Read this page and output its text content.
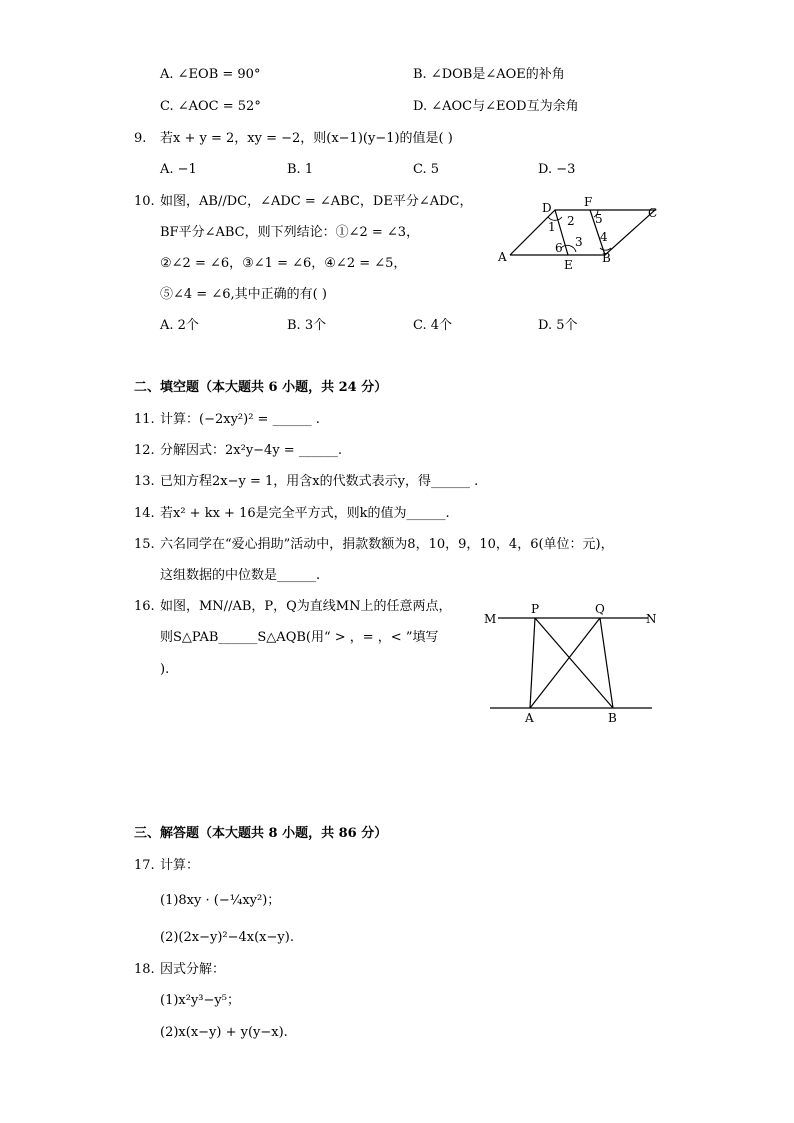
A. ∠EOB = 90°	B. ∠DOB是∠AOE的补角
C. ∠AOC = 52°	D. ∠AOC与∠EOD互为余角
9. 若x + y = 2，xy = −2，则(x−1)(y−1)的值是( )
A. −1	B. 1	C. 5	D. −3
10. 如图，AB//DC，∠ADC = ∠ABC，DE平分∠ADC，
BF平分∠ABC，则下列结论：①∠2 = ∠3，
②∠2 = ∠6，③∠1 = ∠6，④∠2 = ∠5，
⑤∠4 = ∠6,其中正确的有( )
A. 2个	B. 3个	C. 4个	D. 5个
D	F
C
A
E B
1 2
3 4
5
6
二、填空题（本大题共 6 小题，共 24 分）
11. 计算：(−2xy²)² = ______ .
12. 分解因式：2x²y−4y = ______.
13. 已知方程2x−y = 1，用含x的代数式表示y，得______ .
14. 若x² + kx + 16是完全平方式，则k的值为______.
15. 六名同学在“爱心捐助”活动中，捐款数额为8，10，9，10，4，6(单位：元)，
这组数据的中位数是______.
16. 如图，MN//AB，P，Q为直线MN上的任意两点，
则S△PAB______S△AQB(用“ > ，= ，< ”填写
).
M
P	Q
N
A	B
三、解答题（本大题共 8 小题，共 86 分）
17. 计算：
(1)8xy · (−¼xy²)；
(2)(2x−y)²−4x(x−y).
18. 因式分解：
(1)x²y³−y⁵；
(2)x(x−y) + y(y−x).
